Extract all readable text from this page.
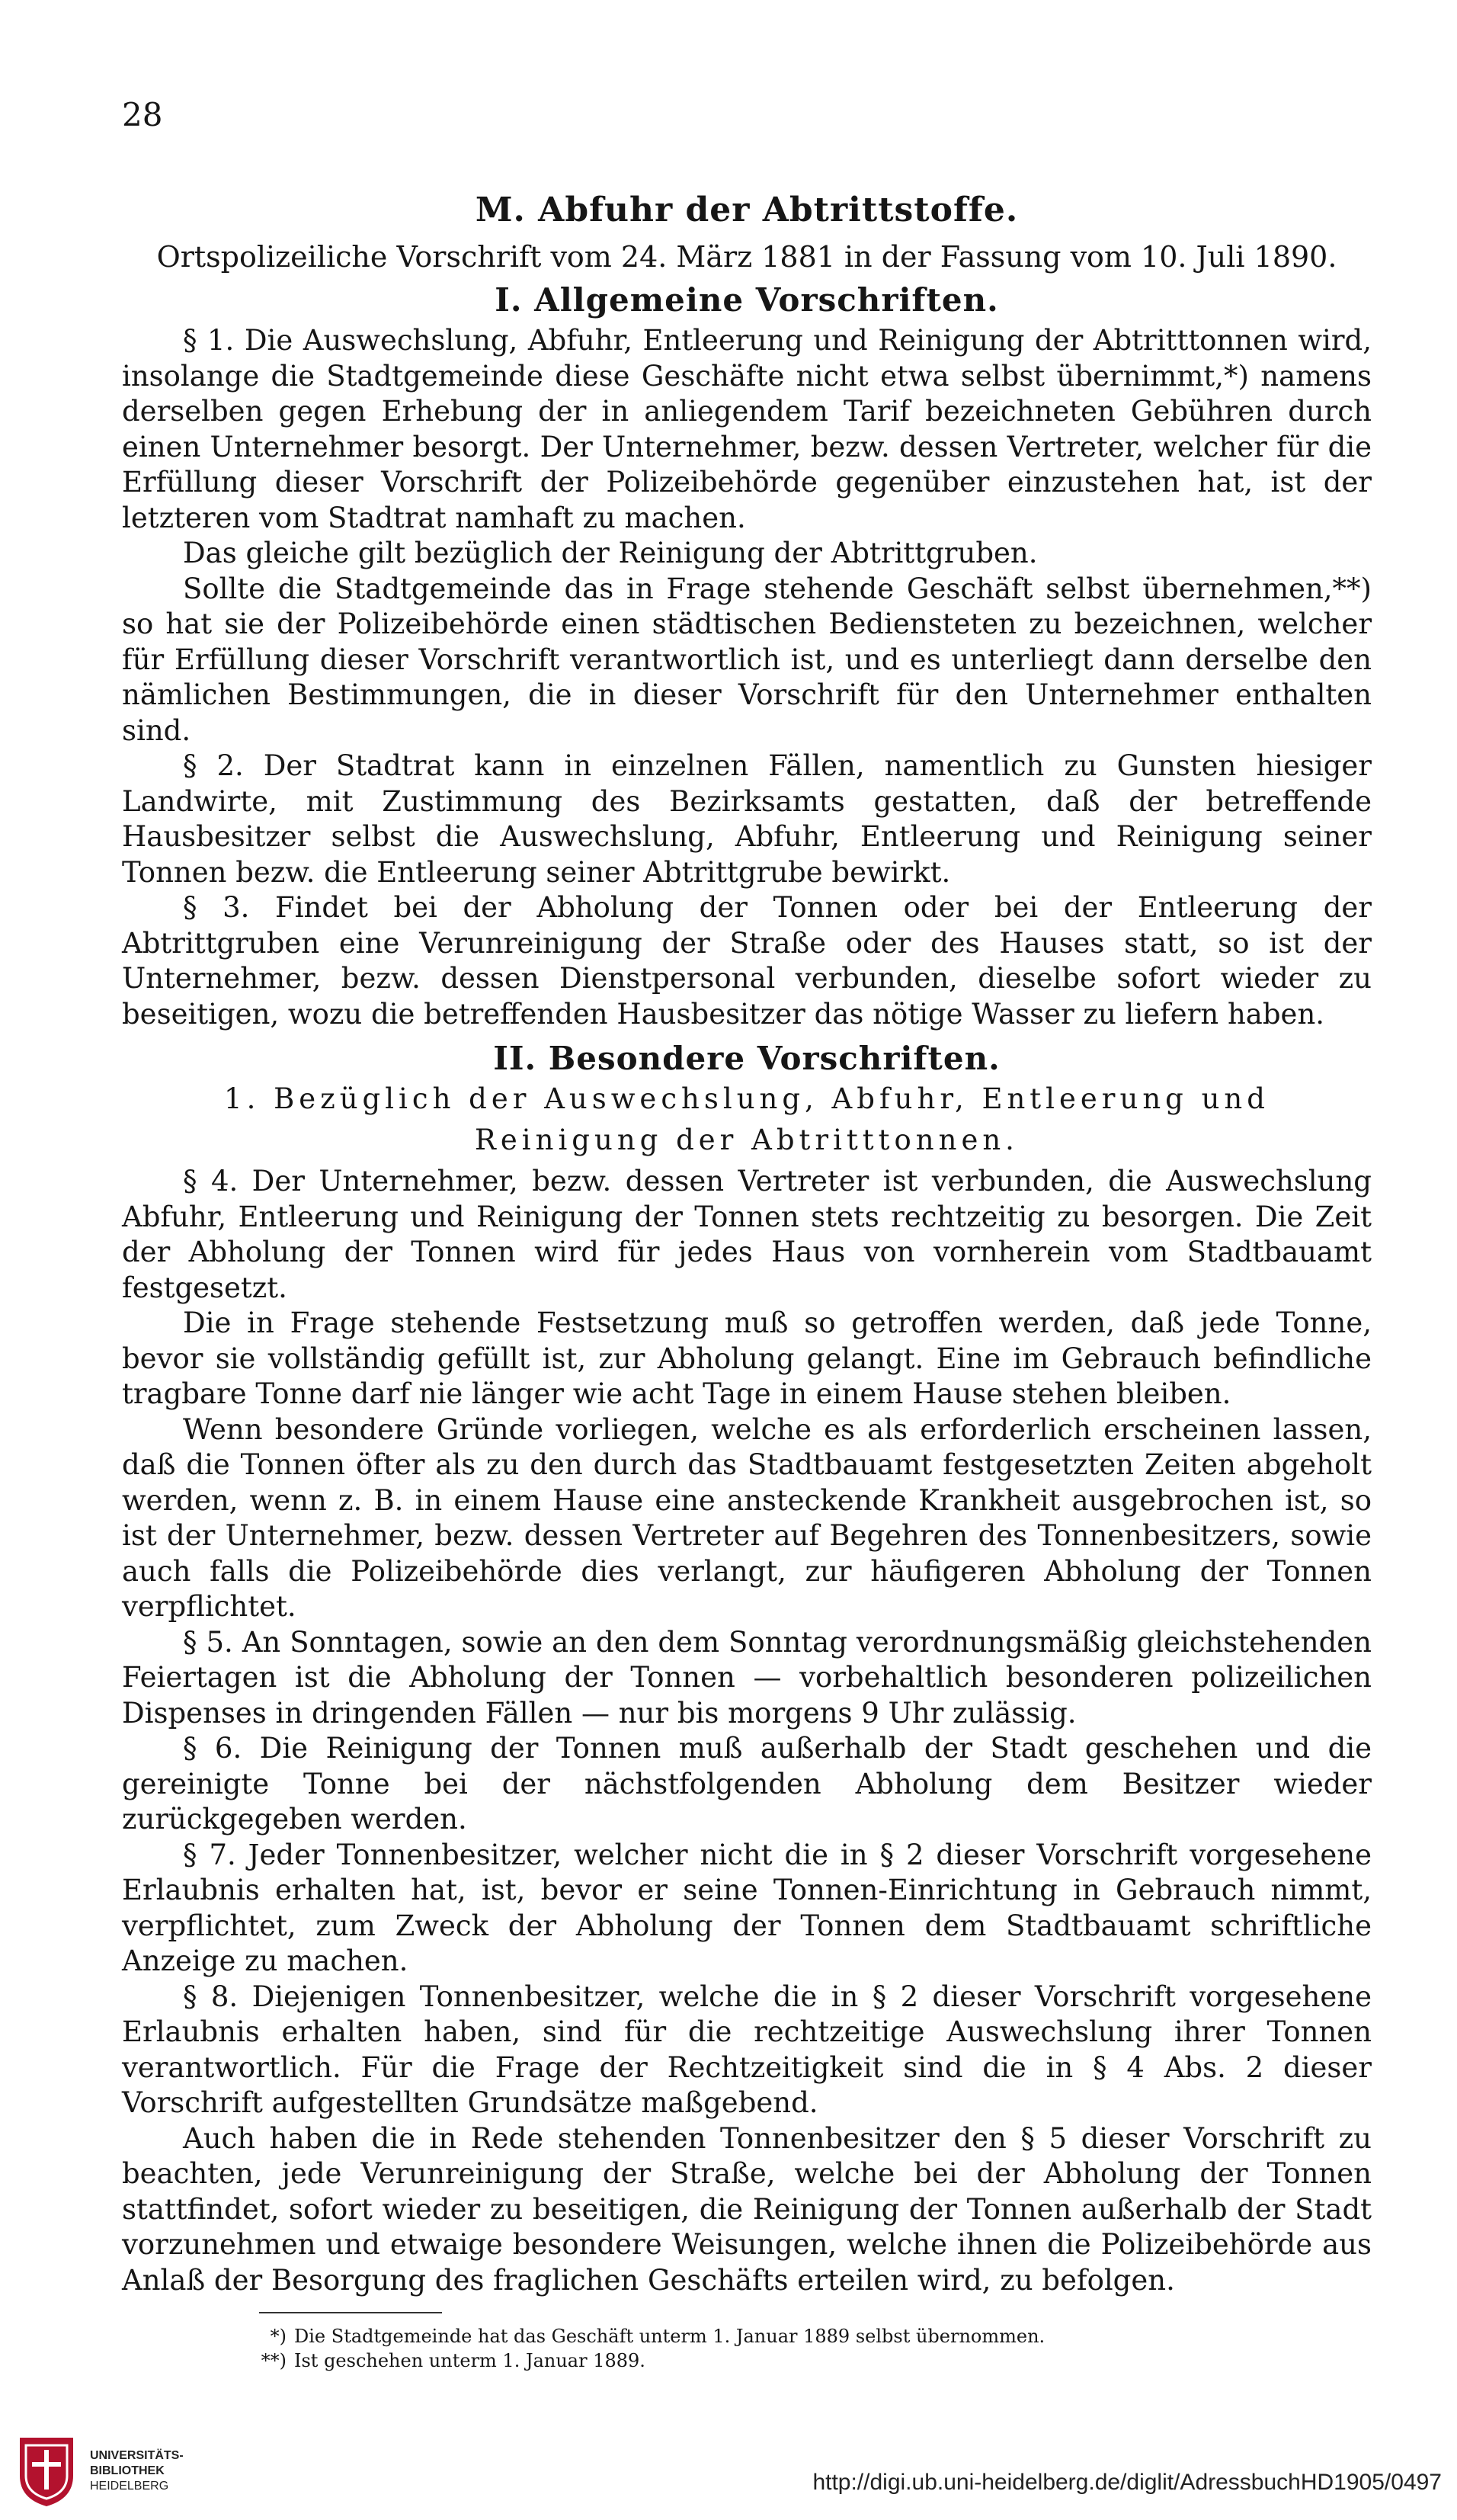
28
M. Abfuhr der Abtrittstoffe.
Ortspolizeiliche Vorschrift vom 24. März 1881 in der Fassung vom 10. Juli 1890.
I. Allgemeine Vorschriften.

§ 1. Die Auswechslung, Abfuhr, Entleerung und Reinigung der Abtritttonnen wird, insolange die Stadtgemeinde diese Geschäfte nicht etwa selbst übernimmt,*) namens derselben gegen Erhebung der in anliegendem Tarif bezeichneten Gebühren durch einen Unternehmer besorgt. Der Unternehmer, bezw. dessen Vertreter, welcher für die Erfüllung dieser Vorschrift der Polizeibehörde gegenüber einzustehen hat, ist der letzteren vom Stadtrat namhaft zu machen.

Das gleiche gilt bezüglich der Reinigung der Abtrittgruben.

Sollte die Stadtgemeinde das in Frage stehende Geschäft selbst übernehmen,**) so hat sie der Polizeibehörde einen städtischen Bediensteten zu bezeichnen, welcher für Erfüllung dieser Vorschrift verantwortlich ist, und es unterliegt dann derselbe den nämlichen Bestimmungen, die in dieser Vorschrift für den Unternehmer enthalten sind.

§ 2. Der Stadtrat kann in einzelnen Fällen, namentlich zu Gunsten hiesiger Landwirte, mit Zustimmung des Bezirksamts gestatten, daß der betreffende Hausbesitzer selbst die Auswechslung, Abfuhr, Entleerung und Reinigung seiner Tonnen bezw. die Entleerung seiner Abtrittgrube bewirkt.

§ 3. Findet bei der Abholung der Tonnen oder bei der Entleerung der Abtrittgruben eine Verunreinigung der Straße oder des Hauses statt, so ist der Unternehmer, bezw. dessen Dienstpersonal verbunden, dieselbe sofort wieder zu beseitigen, wozu die betreffenden Hausbesitzer das nötige Wasser zu liefern haben.

II. Besondere Vorschriften.
1. Bezüglich der Auswechslung, Abfuhr, Entleerung und
Reinigung der Abtritttonnen.

§ 4. Der Unternehmer, bezw. dessen Vertreter ist verbunden, die Auswechslung Abfuhr, Entleerung und Reinigung der Tonnen stets rechtzeitig zu besorgen. Die Zeit der Abholung der Tonnen wird für jedes Haus von vornherein vom Stadtbauamt festgesetzt.

Die in Frage stehende Festsetzung muß so getroffen werden, daß jede Tonne, bevor sie vollständig gefüllt ist, zur Abholung gelangt. Eine im Gebrauch befindliche tragbare Tonne darf nie länger wie acht Tage in einem Hause stehen bleiben.

Wenn besondere Gründe vorliegen, welche es als erforderlich erscheinen lassen, daß die Tonnen öfter als zu den durch das Stadtbauamt festgesetzten Zeiten abgeholt werden, wenn z. B. in einem Hause eine ansteckende Krankheit ausgebrochen ist, so ist der Unternehmer, bezw. dessen Vertreter auf Begehren des Tonnenbesitzers, sowie auch falls die Polizeibehörde dies verlangt, zur häufigeren Abholung der Tonnen verpflichtet.

§ 5. An Sonntagen, sowie an den dem Sonntag verordnungsmäßig gleichstehenden Feiertagen ist die Abholung der Tonnen — vorbehaltlich besonderen polizeilichen Dispenses in dringenden Fällen — nur bis morgens 9 Uhr zulässig.

§ 6. Die Reinigung der Tonnen muß außerhalb der Stadt geschehen und die gereinigte Tonne bei der nächstfolgenden Abholung dem Besitzer wieder zurückgegeben werden.

§ 7. Jeder Tonnenbesitzer, welcher nicht die in § 2 dieser Vorschrift vorgesehene Erlaubnis erhalten hat, ist, bevor er seine Tonnen-Einrichtung in Gebrauch nimmt, verpflichtet, zum Zweck der Abholung der Tonnen dem Stadtbauamt schriftliche Anzeige zu machen.

§ 8. Diejenigen Tonnenbesitzer, welche die in § 2 dieser Vorschrift vorgesehene Erlaubnis erhalten haben, sind für die rechtzeitige Auswechslung ihrer Tonnen verantwortlich. Für die Frage der Rechtzeitigkeit sind die in § 4 Abs. 2 dieser Vorschrift aufgestellten Grundsätze maßgebend.

Auch haben die in Rede stehenden Tonnenbesitzer den § 5 dieser Vorschrift zu beachten, jede Verunreinigung der Straße, welche bei der Abholung der Tonnen stattfindet, sofort wieder zu beseitigen, die Reinigung der Tonnen außerhalb der Stadt vorzunehmen und etwaige besondere Weisungen, welche ihnen die Polizeibehörde aus Anlaß der Besorgung des fraglichen Geschäfts erteilen wird, zu befolgen.

*) Die Stadtgemeinde hat das Geschäft unterm 1. Januar 1889 selbst übernommen.
**) Ist geschehen unterm 1. Januar 1889.
UNIVERSITÄTS-
BIBLIOTHEK
HEIDELBERG	http://digi.ub.uni-heidelberg.de/diglit/AdressbuchHD1905/0497
